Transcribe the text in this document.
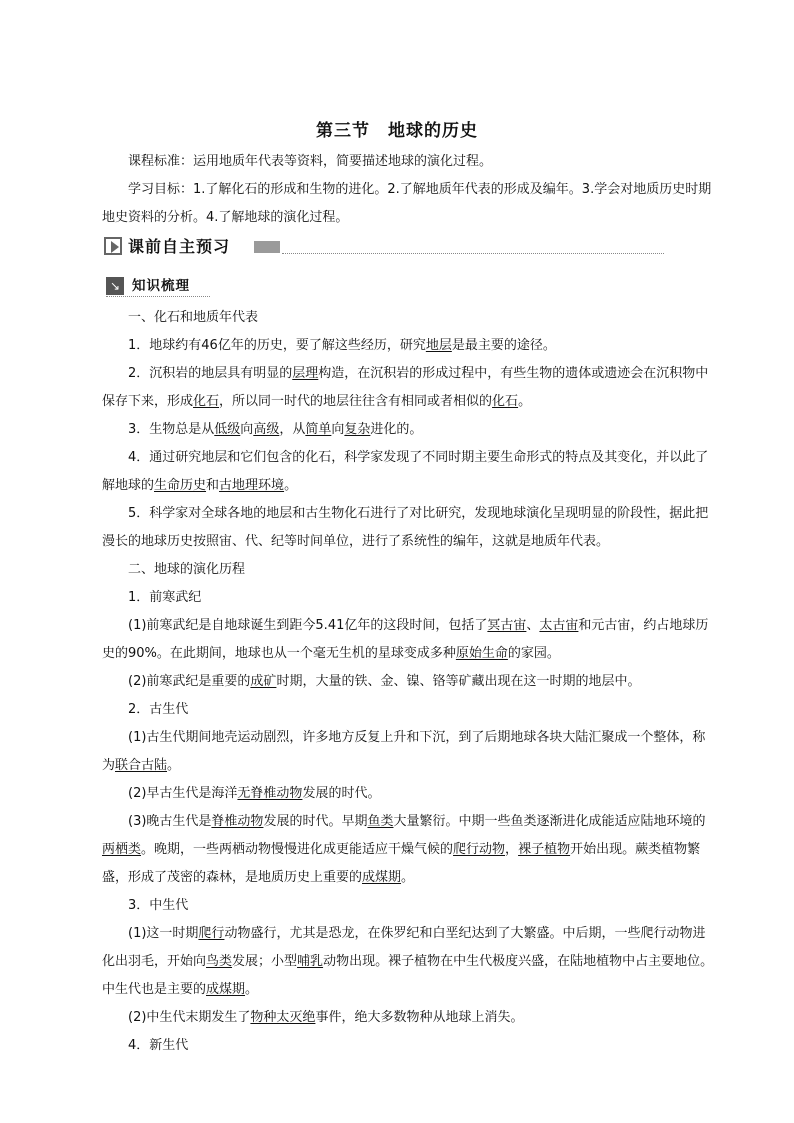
第三节　地球的历史

课程标准：运用地质年代表等资料，简要描述地球的演化过程。

学习目标：1.了解化石的形成和生物的进化。2.了解地质年代表的形成及编年。3.学会对地质历史时期地史资料的分析。4.了解地球的演化过程。

课前自主预习
↘ 知识梳理

一、化石和地质年代表

1．地球约有46亿年的历史，要了解这些经历，研究地层是最主要的途径。

2．沉积岩的地层具有明显的层理构造，在沉积岩的形成过程中，有些生物的遗体或遗迹会在沉积物中保存下来，形成化石，所以同一时代的地层往往含有相同或者相似的化石。

3．生物总是从低级向高级，从简单向复杂进化的。

4．通过研究地层和它们包含的化石，科学家发现了不同时期主要生命形式的特点及其变化，并以此了解地球的生命历史和古地理环境。

5．科学家对全球各地的地层和古生物化石进行了对比研究，发现地球演化呈现明显的阶段性，据此把漫长的地球历史按照宙、代、纪等时间单位，进行了系统性的编年，这就是地质年代表。

二、地球的演化历程

1．前寒武纪

(1)前寒武纪是自地球诞生到距今5.41亿年的这段时间，包括了冥古宙、太古宙和元古宙，约占地球历史的90%。在此期间，地球也从一个毫无生机的星球变成多种原始生命的家园。

(2)前寒武纪是重要的成矿时期，大量的铁、金、镍、铬等矿藏出现在这一时期的地层中。

2．古生代

(1)古生代期间地壳运动剧烈，许多地方反复上升和下沉，到了后期地球各块大陆汇聚成一个整体，称为联合古陆。

(2)早古生代是海洋无脊椎动物发展的时代。

(3)晚古生代是脊椎动物发展的时代。早期鱼类大量繁衍。中期一些鱼类逐渐进化成能适应陆地环境的两栖类。晚期，一些两栖动物慢慢进化成更能适应干燥气候的爬行动物，裸子植物开始出现。蕨类植物繁盛，形成了茂密的森林，是地质历史上重要的成煤期。

3．中生代

(1)这一时期爬行动物盛行，尤其是恐龙，在侏罗纪和白垩纪达到了大繁盛。中后期，一些爬行动物进化出羽毛，开始向鸟类发展；小型哺乳动物出现。裸子植物在中生代极度兴盛，在陆地植物中占主要地位。中生代也是主要的成煤期。

(2)中生代末期发生了物种太灭绝事件，绝大多数物种从地球上消失。

4．新生代
